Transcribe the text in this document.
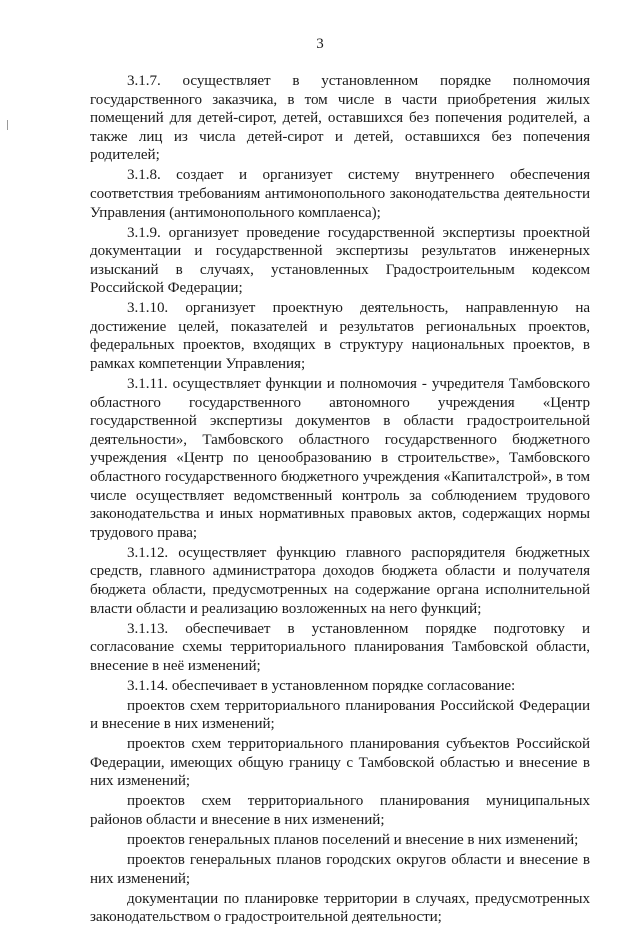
3

3.1.7. осуществляет в установленном порядке полномочия государственного заказчика, в том числе в части приобретения жилых помещений для детей-сирот, детей, оставшихся без попечения родителей, а также лиц из числа детей-сирот и детей, оставшихся без попечения родителей;

3.1.8. создает и организует систему внутреннего обеспечения соответствия требованиям антимонопольного законодательства деятельности Управления (антимонопольного комплаенса);

3.1.9. организует проведение государственной экспертизы проектной документации и государственной экспертизы результатов инженерных изысканий в случаях, установленных Градостроительным кодексом Российской Федерации;

3.1.10. организует проектную деятельность, направленную на достижение целей, показателей и результатов региональных проектов, федеральных проектов, входящих в структуру национальных проектов, в рамках компетенции Управления;

3.1.11. осуществляет функции и полномочия - учредителя Тамбовского областного государственного автономного учреждения «Центр государственной экспертизы документов в области градостроительной деятельности», Тамбовского областного государственного бюджетного учреждения «Центр по ценообразованию в строительстве», Тамбовского областного государственного бюджетного учреждения «Капиталстрой», в том числе осуществляет ведомственный контроль за соблюдением трудового законодательства и иных нормативных правовых актов, содержащих нормы трудового права;

3.1.12. осуществляет функцию главного распорядителя бюджетных средств, главного администратора доходов бюджета области и получателя бюджета области, предусмотренных на содержание органа исполнительной власти области и реализацию возложенных на него функций;

3.1.13. обеспечивает в установленном порядке подготовку и согласование схемы территориального планирования Тамбовской области, внесение в неё изменений;

3.1.14. обеспечивает в установленном порядке согласование:

проектов схем территориального планирования Российской Федерации и внесение в них изменений;

проектов схем территориального планирования субъектов Российской Федерации, имеющих общую границу с Тамбовской областью и внесение в них изменений;

проектов схем территориального планирования муниципальных районов области и внесение в них изменений;

проектов генеральных планов поселений и внесение в них изменений;

проектов генеральных планов городских округов области и внесение в них изменений;

документации по планировке территории в случаях, предусмотренных законодательством о градостроительной деятельности;
